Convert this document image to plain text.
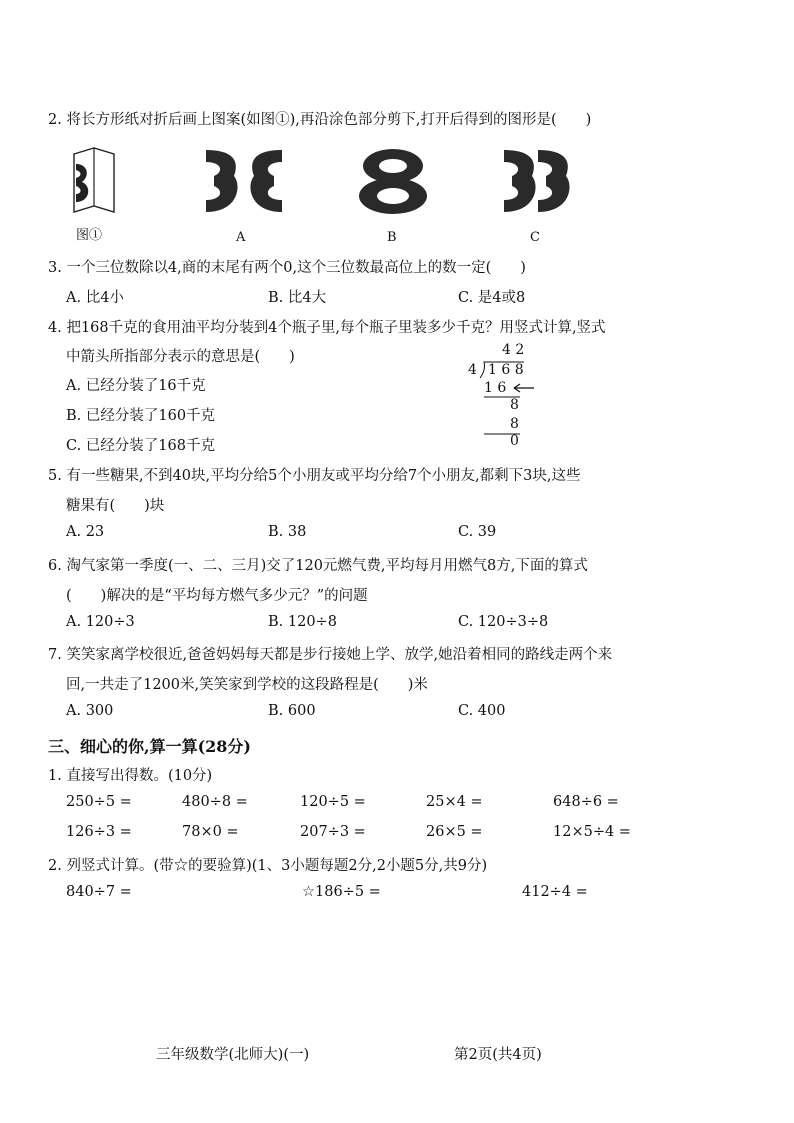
2. 将长方形纸对折后画上图案(如图①),再沿涂色部分剪下,打开后得到的图形是(　　)
图①	A	B	C
3. 一个三位数除以4,商的末尾有两个0,这个三位数最高位上的数一定(　　)
A. 比4小	B. 比4大	C. 是4或8
4. 把168千克的食用油平均分装到4个瓶子里,每个瓶子里装多少千克？用竖式计算,竖式
中箭头所指部分表示的意思是(　　)
A. 已经分装了16千克
B. 已经分装了160千克
C. 已经分装了168千克
4 2
4 1 6 8
1 6
8
8
0
5. 有一些糖果,不到40块,平均分给5个小朋友或平均分给7个小朋友,都剩下3块,这些
糖果有(　　)块
A. 23	B. 38	C. 39
6. 淘气家第一季度(一、二、三月)交了120元燃气费,平均每月用燃气8方,下面的算式
(　　)解决的是“平均每方燃气多少元？”的问题
A. 120÷3	B. 120÷8	C. 120÷3÷8
7. 笑笑家离学校很近,爸爸妈妈每天都是步行接她上学、放学,她沿着相同的路线走两个来
回,一共走了1200米,笑笑家到学校的这段路程是(　　)米
A. 300	B. 600	C. 400
三、细心的你,算一算(28分)
1. 直接写出得数。(10分)
250÷5 =	480÷8 =	120÷5 =	25×4 =	648÷6 =
126÷3 =	78×0 =	207÷3 =	26×5 =	12×5÷4 =
2. 列竖式计算。(带☆的要验算)(1、3小题每题2分,2小题5分,共9分)
840÷7 =	☆186÷5 =	412÷4 =
三年级数学(北师大)(一)	第2页(共4页)
